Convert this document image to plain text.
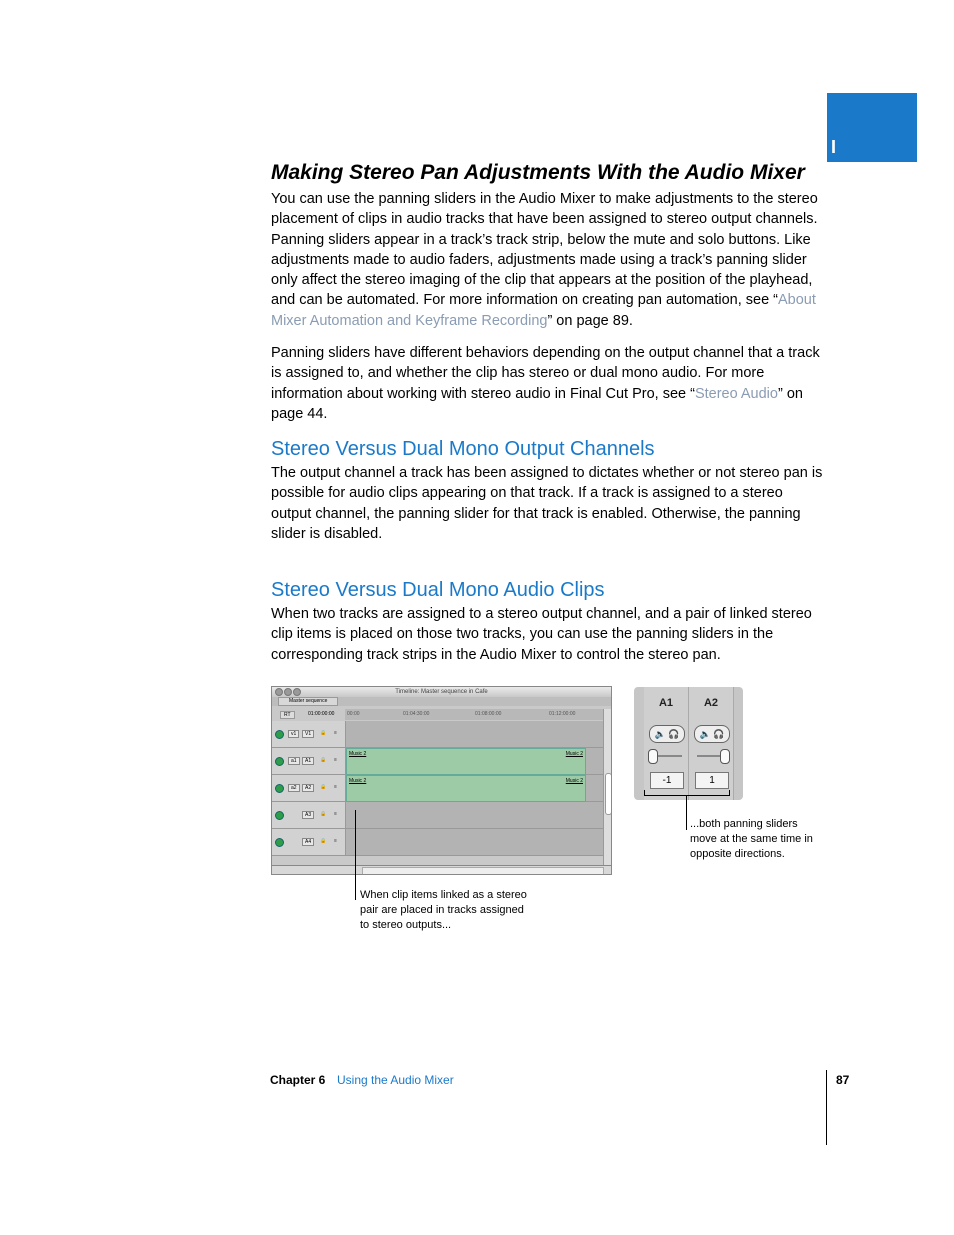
I
Making Stereo Pan Adjustments With the Audio Mixer

You can use the panning sliders in the Audio Mixer to make adjustments to the stereo placement of clips in audio tracks that have been assigned to stereo output channels. Panning sliders appear in a track’s track strip, below the mute and solo buttons. Like adjustments made to audio faders, adjustments made using a track’s panning slider only affect the stereo imaging of the clip that appears at the position of the playhead, and can be automated. For more information on creating pan automation, see “About Mixer Automation and Keyframe Recording” on page 89.

Panning sliders have different behaviors depending on the output channel that a track is assigned to, and whether the clip has stereo or dual mono audio. For more information about working with stereo audio in Final Cut Pro, see “Stereo Audio” on page 44.

Stereo Versus Dual Mono Output Channels

The output channel a track has been assigned to dictates whether or not stereo pan is possible for audio clips appearing on that track. If a track is assigned to a stereo output channel, the panning slider for that track is enabled. Otherwise, the panning slider is disabled.

Stereo Versus Dual Mono Audio Clips

When two tracks are assigned to a stereo output channel, and a pair of linked stereo clip items is placed on those two tracks, you can use the panning sliders in the corresponding track strips in the Audio Mixer to control the stereo pan.

Timeline: Master sequence in Cafe
Master sequence
RT	01:00:00:00	00:00	01:04:30:00	01:08:00:00	01:12:00:00
v1	V1	🔒 ≡
a1	A1	🔒 ≡
Music 2	Music 2
a2	A2	🔒 ≡
Music 2	Music 2
A3	🔒 ≡
A4	🔒 ≡
A1
🔈 🎧
-1
A2
🔈 🎧
1
When clip items linked as a stereo pair are placed in tracks assigned to stereo outputs...
...both panning sliders move at the same time in opposite directions.
Chapter 6 Using the Audio Mixer	87
